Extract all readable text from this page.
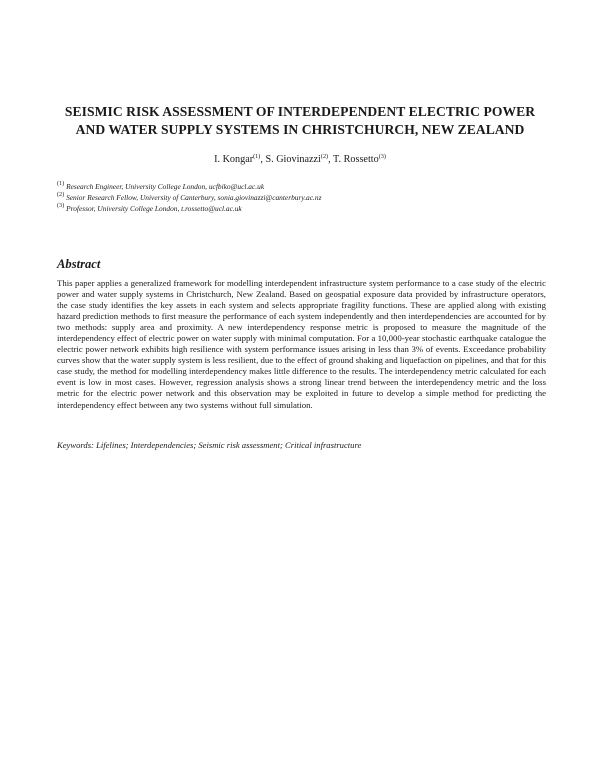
SEISMIC RISK ASSESSMENT OF INTERDEPENDENT ELECTRIC POWER
AND WATER SUPPLY SYSTEMS IN CHRISTCHURCH, NEW ZEALAND
I. Kongar$^{(1)}$, S. Giovinazzi$^{(2)}$, T. Rossetto$^{(3)}$
$^{(1)}$ Research Engineer, University College London, ucfbiko@ucl.ac.uk
$^{(2)}$ Senior Research Fellow, University of Canterbury, sonia.giovinazzi@canterbury.ac.nz
$^{(3)}$ Professor, University College London, t.rossetto@ucl.ac.uk
Abstract
This paper applies a generalized framework for modelling interdependent infrastructure system performance to a case study of the electric power and water supply systems in Christchurch, New Zealand. Based on geospatial exposure data provided by infrastructure operators, the case study identifies the key assets in each system and selects appropriate fragility functions. These are applied along with existing hazard prediction methods to first measure the performance of each system independently and then interdependencies are accounted for by two methods: supply area and proximity. A new interdependency response metric is proposed to measure the magnitude of the interdependency effect of electric power on water supply with minimal computation. For a 10,000-year stochastic earthquake catalogue the electric power network exhibits high resilience with system performance issues arising in less than 3% of events. Exceedance probability curves show that the water supply system is less resilient, due to the effect of ground shaking and liquefaction on pipelines, and that for this case study, the method for modelling interdependency makes little difference to the results. The interdependency metric calculated for each event is low in most cases. However, regression analysis shows a strong linear trend between the interdependency metric and the loss metric for the electric power network and this observation may be exploited in future to develop a simple method for predicting the interdependency effect between any two systems without full simulation.
Keywords: Lifelines; Interdependencies; Seismic risk assessment; Critical infrastructure
